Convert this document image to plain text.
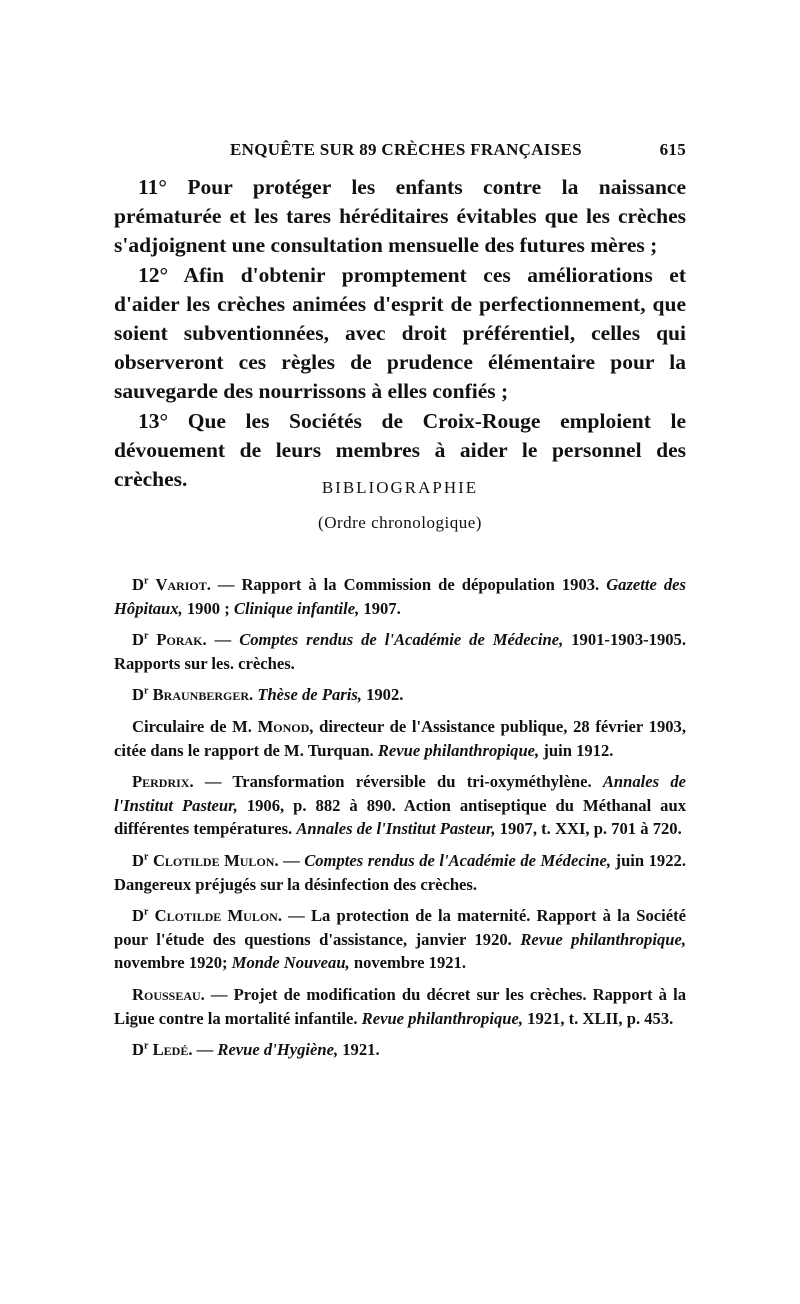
ENQUÊTE SUR 89 CRÈCHES FRANÇAISES	615

11° Pour protéger les enfants contre la naissance prématurée et les tares héréditaires évitables que les crèches s'adjoignent une consultation mensuelle des futures mères ;

12° Afin d'obtenir promptement ces améliorations et d'aider les crèches animées d'esprit de perfectionnement, que soient subventionnées, avec droit préférentiel, celles qui observeront ces règles de prudence élémentaire pour la sauvegarde des nourrissons à elles confiés ;

13° Que les Sociétés de Croix-Rouge emploient le dévouement de leurs membres à aider le personnel des crèches.	BIBLIOGRAPHIE
(Ordre chronologique)

$D^r$ Variot. — Rapport à la Commission de dépopulation 1903. Gazette des Hôpitaux, 1900 ; Clinique infantile, 1907.

$D^r$ Porak. — Comptes rendus de l'Académie de Médecine, 1901-1903-1905. Rapports sur les. crèches.

$D^r$ Braunberger. Thèse de Paris, 1902.

Circulaire de M. Monod, directeur de l'Assistance publique, 28 février 1903, citée dans le rapport de M. Turquan. Revue philanthropique, juin 1912.

Perdrix. — Transformation réversible du tri-oxyméthylène. Annales de l'Institut Pasteur, 1906, p. 882 à 890. Action antiseptique du Méthanal aux différentes températures. Annales de l'Institut Pasteur, 1907, t. XXI, p. 701 à 720.

$D^r$ Clotilde Mulon. — Comptes rendus de l'Académie de Médecine, juin 1922. Dangereux préjugés sur la désinfection des crèches.

$D^r$ Clotilde Mulon. — La protection de la maternité. Rapport à la Société pour l'étude des questions d'assistance, janvier 1920. Revue philanthropique, novembre 1920; Monde Nouveau, novembre 1921.

Rousseau. — Projet de modification du décret sur les crèches. Rapport à la Ligue contre la mortalité infantile. Revue philanthropique, 1921, t. XLII, p. 453.

$D^r$ Ledé. — Revue d'Hygiène, 1921.
